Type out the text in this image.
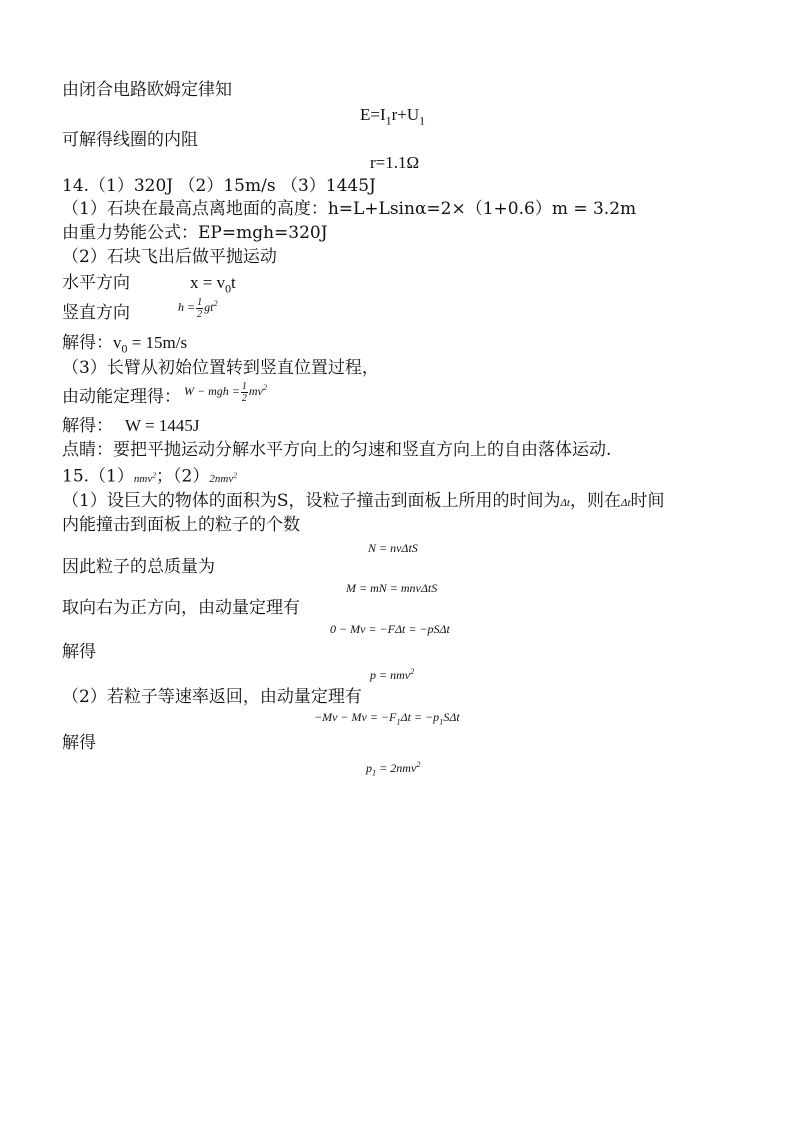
由闭合电路欧姆定律知
$E=I_1r+U_1$
可解得线圈的内阻
r=1.1Ω
14.（1）320J （2）15m/s （3）1445J
（1）石块在最高点离地面的高度：h=L+Lsinα=2×（1+0.6）m = 3.2m
由重力势能公式：EP=mgh=320J
（2）石块飞出后做平抛运动
水平方向	$x = v_0t$
竖直方向	$h = \frac{1}{2} gt^2$
解得：$v_0 = 15m/s$
（3）长臂从初始位置转到竖直位置过程，
由动能定理得： W − mgh = $\frac{1}{2} mv^2$
解得： W = 1445J
点睛：要把平抛运动分解水平方向上的匀速和竖直方向上的自由落体运动.
15.（1）nmv$^2$；（2）2nmv$^2$
（1）设巨大的物体的面积为S，设粒子撞击到面板上所用的时间为Δt，则在Δt时间
内能撞击到面板上的粒子的个数
N = nvΔtS
因此粒子的总质量为
M = mN = mnvΔtS
取向右为正方向，由动量定理有
0 − Mv = −FΔt = −pSΔt
解得
p = nmv$^2$
（2）若粒子等速率返回，由动量定理有
$-Mv - Mv = -F_1\Delta t = -p_1S\Delta t$
解得
$p_1 = 2nmv^2$
